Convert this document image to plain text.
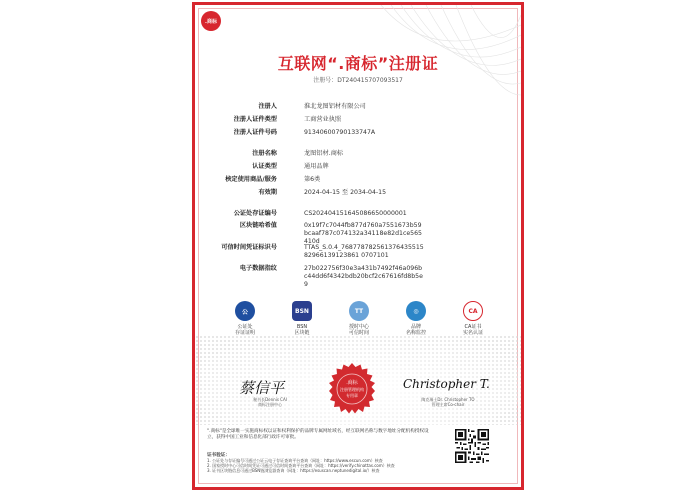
.商标
互联网“.商标”注册证
注册号：DT240415707093517
注册人	淮北龙图铝材有限公司
注册人证件类型	工商营业执照
注册人证件号码	91340600790133747A
注册名称	龙图铝材.商标
认证类型	通用品牌
核定使用商品/服务	第6类
有效期	2024-04-15 至 2034-04-15
公证处存证编号	CS202404151645086650000001
区块链哈希值	0x19f7c7044fb877d760a7551673b59bcaaf787c074132a34118e82d1ce565410d
可信时间凭证标识号	TTAS_S.0.4_76877878256137643551582966139123861 0707101
电子数据指纹	27b022756f30e3a431b7492f46a096bc44dd6f4342bdb20bcf2c67616fd8b5e9
公
公证处
存证证明
BSN
BSN
区块链
TT
授时中心
可信时间
◎
品牌
名称监控
CA
CA证书
实名认证
蔡信平
秘书长Dennis CAI
商标注册中心
Christopher T.
陶克瑞士Dr. Christopher TO
管理主席Co-chair
.商标
注册管理机构
专用章
".商标"是全球唯一实施商标权以证和权利保护的品牌专属网址域名，经互联网名称与数字地址分配机构授权设立，获得中国工业和信息化部行政许可审批。
证书验证：
1. 公证处与存证编号可通过公证云电子存证查询平台查询（网址：https://www.escun.com）核查
2. 国家授时中心可信时间凭证可通过可信时间查询平台查询（网址：https://verify.chinattas.com）核查
3. 证书区块链信息可通过BSN链浏览器查询（网址：https://esuscan.neptunedigital.io/）核查
